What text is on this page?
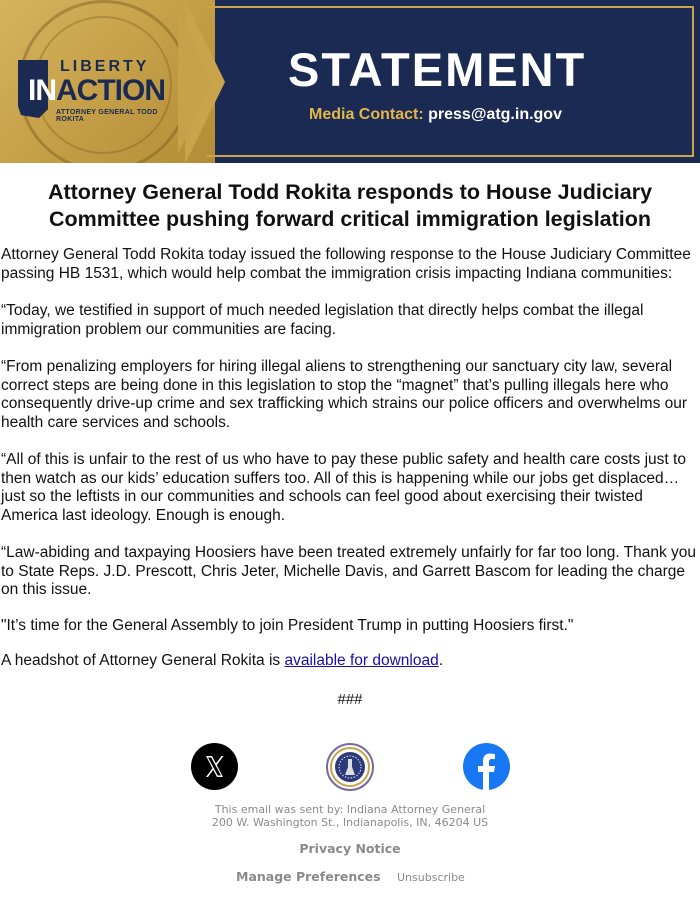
LIBERTY
INACTION
ATTORNEY GENERAL TODD ROKITA
STATEMENT
Media Contact: press@atg.in.gov
Attorney General Todd Rokita responds to House Judiciary Committee pushing forward critical immigration legislation

Attorney General Todd Rokita today issued the following response to the House Judiciary Committee passing HB 1531, which would help combat the immigration crisis impacting Indiana communities:

“Today, we testified in support of much needed legislation that directly helps combat the illegal immigration problem our communities are facing.

“From penalizing employers for hiring illegal aliens to strengthening our sanctuary city law, several correct steps are being done in this legislation to stop the “magnet” that’s pulling illegals here who consequently drive-up crime and sex trafficking which strains our police officers and overwhelms our health care services and schools.

“All of this is unfair to the rest of us who have to pay these public safety and health care costs just to then watch as our kids’ education suffers too. All of this is happening while our jobs get displaced…just so the leftists in our communities and schools can feel good about exercising their twisted America last ideology. Enough is enough.

“Law-abiding and taxpaying Hoosiers have been treated extremely unfairly for far too long. Thank you to State Reps. J.D. Prescott, Chris Jeter, Michelle Davis, and Garrett Bascom for leading the charge on this issue.

"It’s time for the General Assembly to join President Trump in putting Hoosiers first."

A headshot of Attorney General Rokita is available for download.

###
This email was sent by: Indiana Attorney General
200 W. Washington St., Indianapolis, IN, 46204 US
Privacy Notice
Manage Preferences Unsubscribe
